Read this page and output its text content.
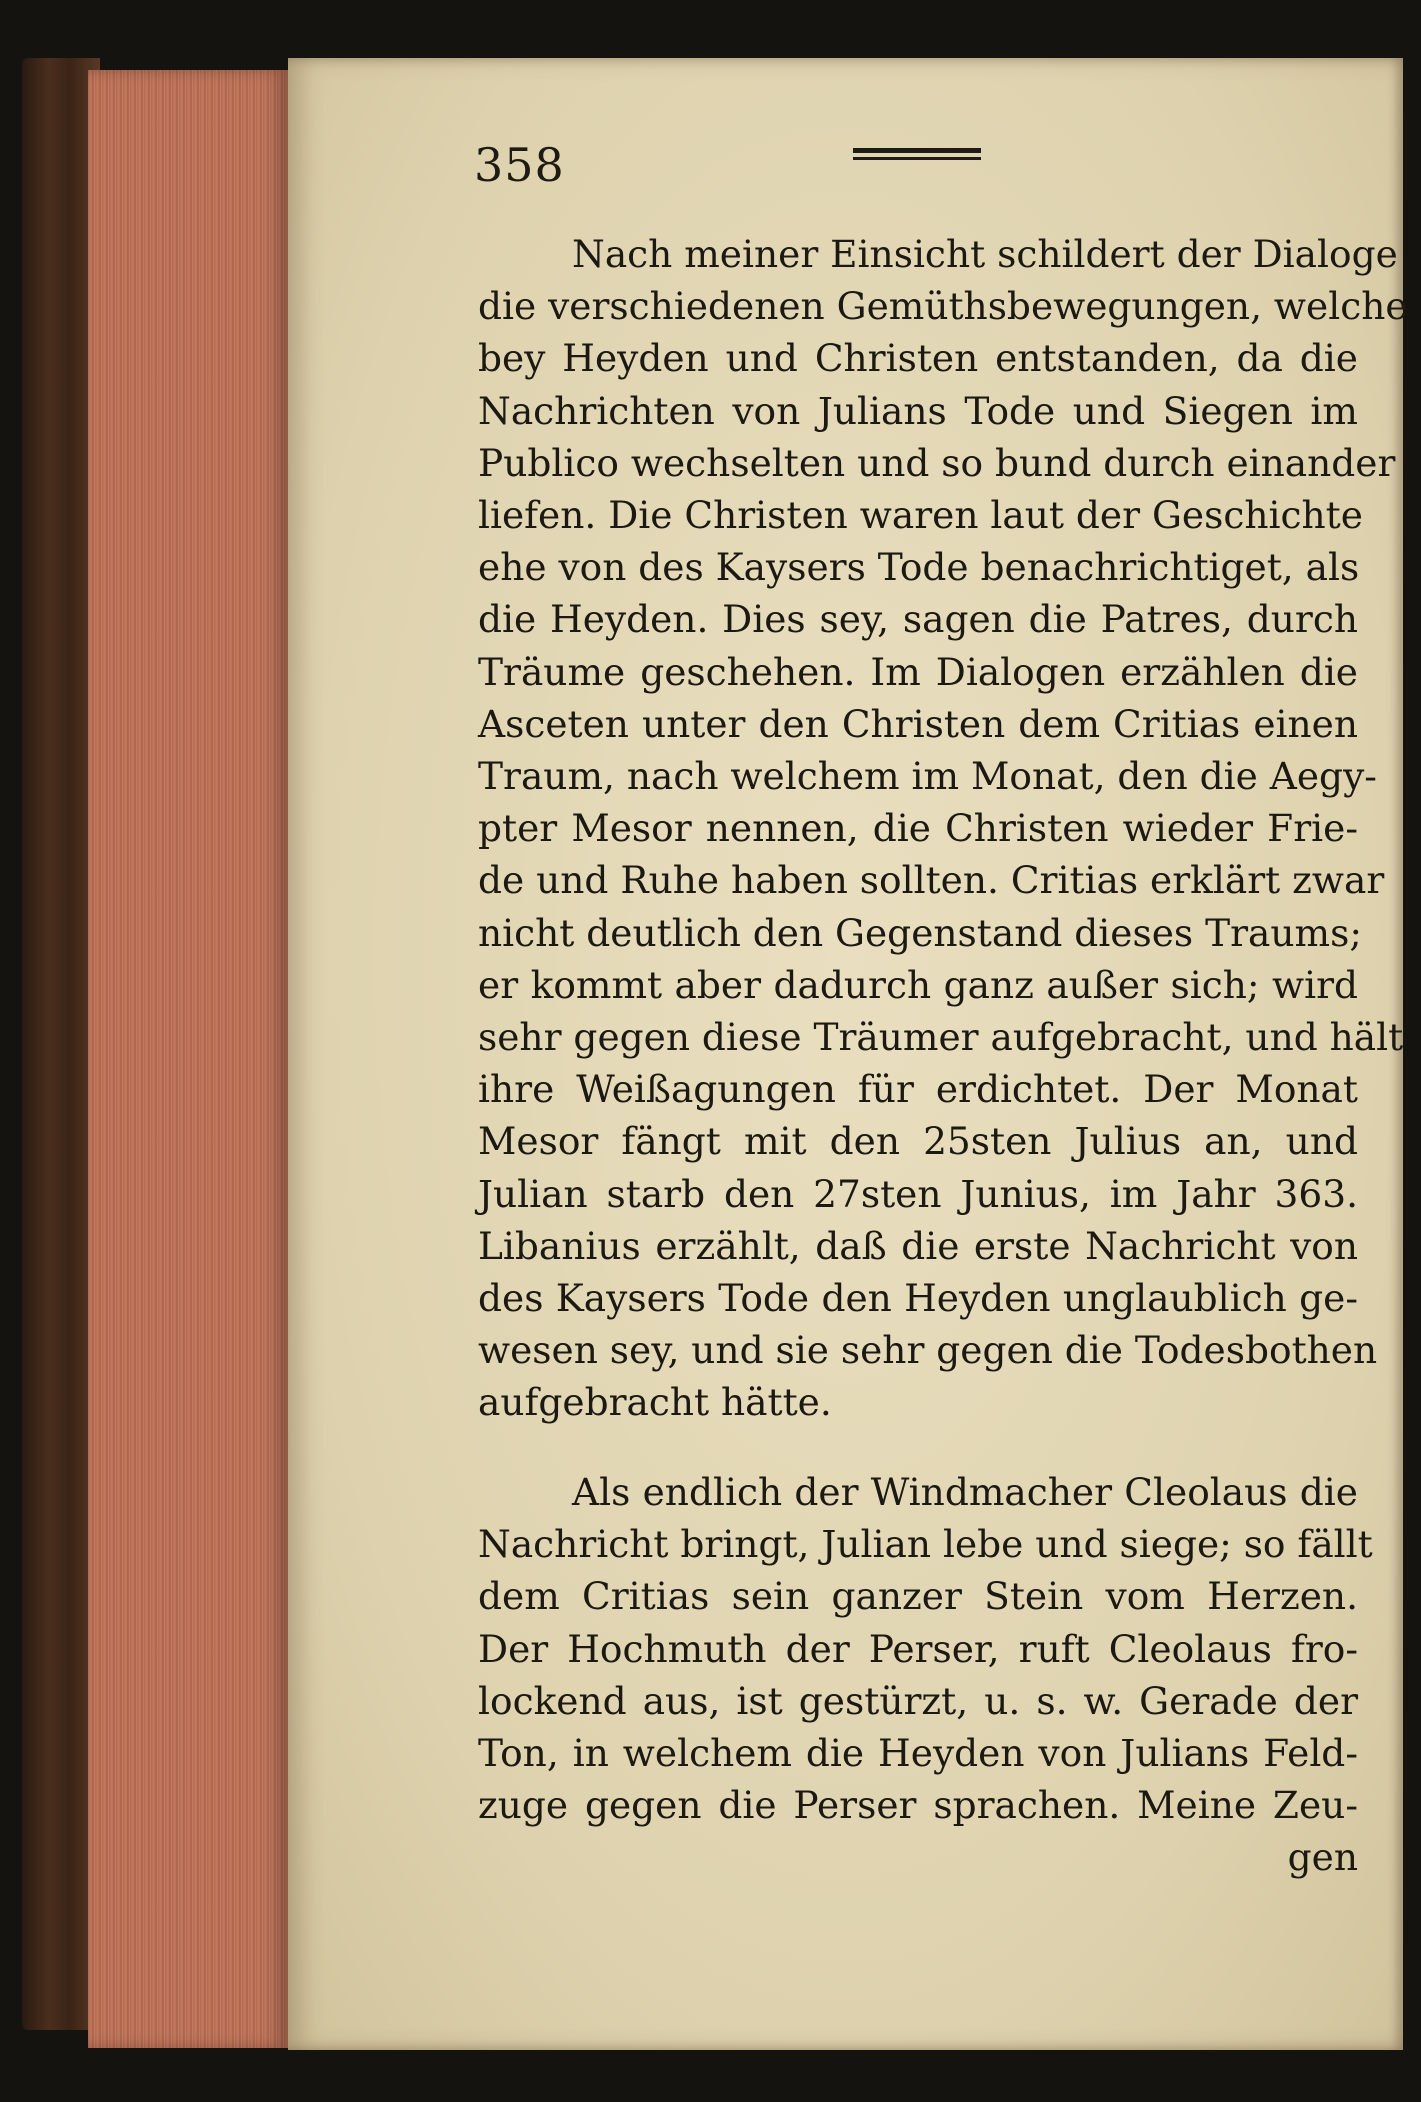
358
Nach meiner Einsicht schildert der Dialoge
die verschiedenen Gemüthsbewegungen, welche
bey Heyden und Christen entstanden, da die
Nachrichten von Julians Tode und Siegen im
Publico wechselten und so bund durch einander
liefen. Die Christen waren laut der Geschichte
ehe von des Kaysers Tode benachrichtiget, als
die Heyden. Dies sey, sagen die Patres, durch
Träume geschehen. Im Dialogen erzählen die
Asceten unter den Christen dem Critias einen
Traum, nach welchem im Monat, den die Aegy-
pter Mesor nennen, die Christen wieder Frie-
de und Ruhe haben sollten. Critias erklärt zwar
nicht deutlich den Gegenstand dieses Traums;
er kommt aber dadurch ganz außer sich; wird
sehr gegen diese Träumer aufgebracht, und hält
ihre Weißagungen für erdichtet. Der Monat
Mesor fängt mit den 25sten Julius an, und
Julian starb den 27sten Junius, im Jahr 363.
Libanius erzählt, daß die erste Nachricht von
des Kaysers Tode den Heyden unglaublich ge-
wesen sey, und sie sehr gegen die Todesbothen
aufgebracht hätte.
Als endlich der Windmacher Cleolaus die
Nachricht bringt, Julian lebe und siege; so fällt
dem Critias sein ganzer Stein vom Herzen.
Der Hochmuth der Perser, ruft Cleolaus fro-
lockend aus, ist gestürzt, u. s. w. Gerade der
Ton, in welchem die Heyden von Julians Feld-
zuge gegen die Perser sprachen. Meine Zeu-
gen
